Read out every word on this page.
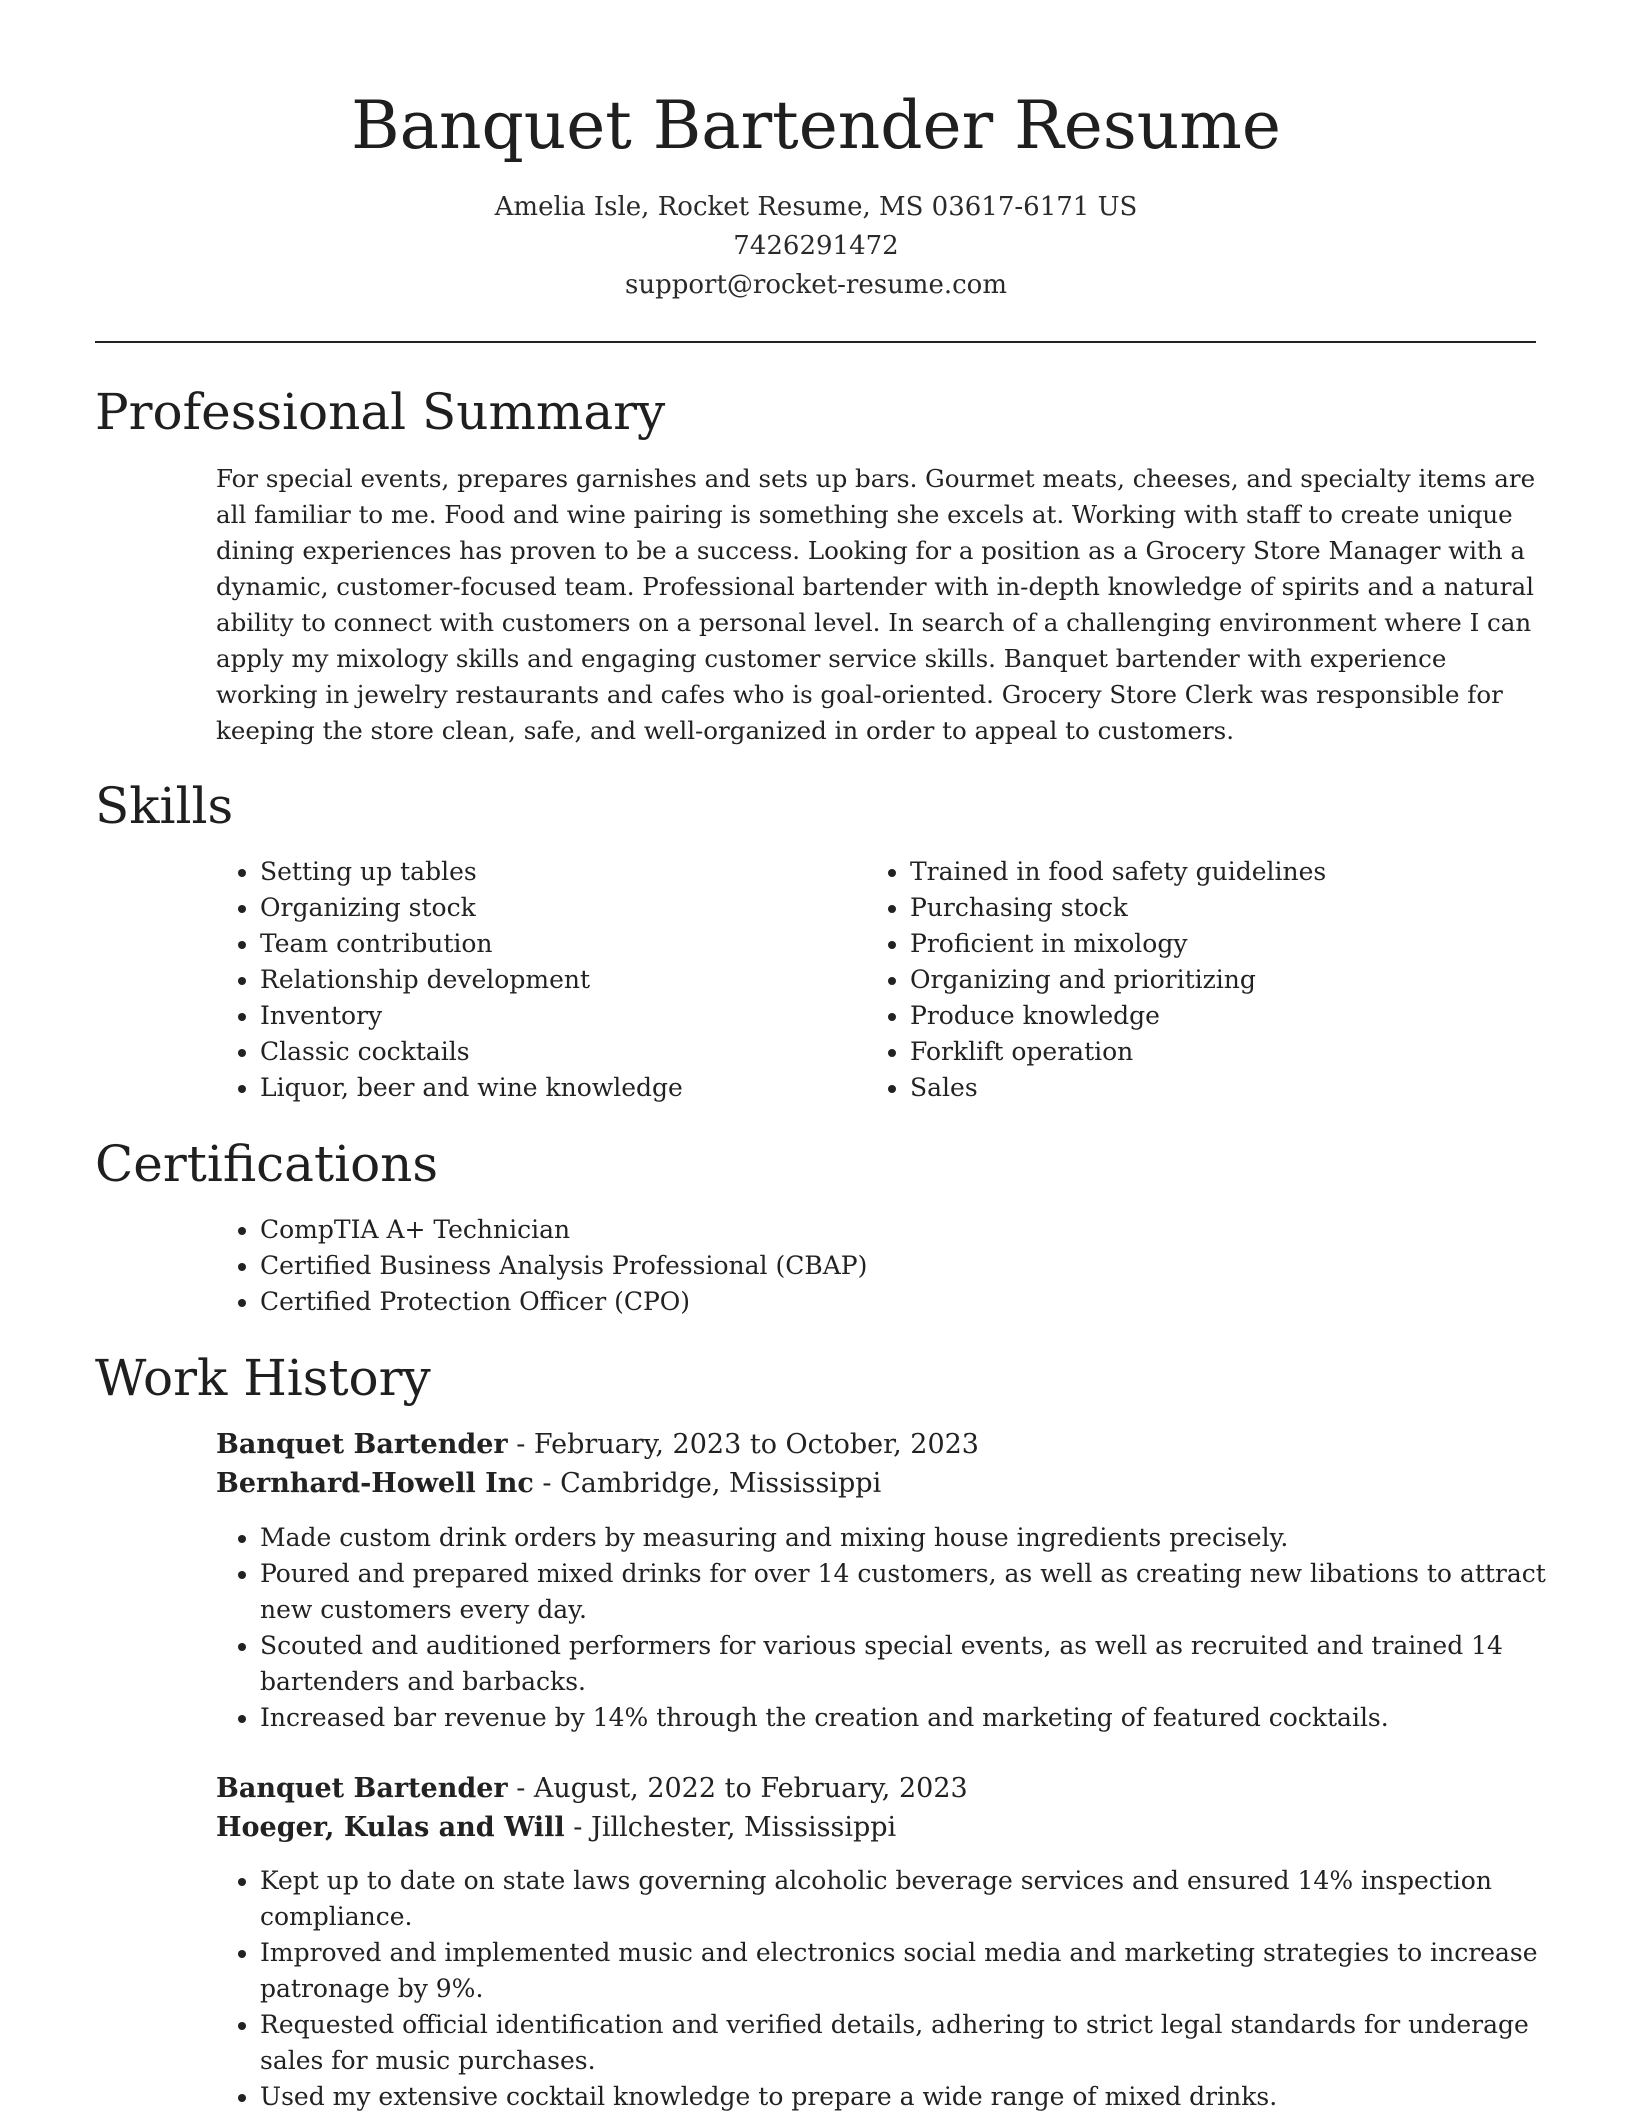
Banquet Bartender Resume
Amelia Isle, Rocket Resume, MS 03617-6171 US
7426291472
support@rocket-resume.com
Professional Summary

For special events, prepares garnishes and sets up bars. Gourmet meats, cheeses, and specialty items are all familiar to me. Food and wine pairing is something she excels at. Working with staff to create unique dining experiences has proven to be a success. Looking for a position as a Grocery Store Manager with a dynamic, customer-focused team. Professional bartender with in-depth knowledge of spirits and a natural ability to connect with customers on a personal level. In search of a challenging environment where I can apply my mixology skills and engaging customer service skills. Banquet bartender with experience working in jewelry restaurants and cafes who is goal-oriented. Grocery Store Clerk was responsible for keeping the store clean, safe, and well-organized in order to appeal to customers.

Skills
• Setting up tables
• Organizing stock
• Team contribution
• Relationship development
• Inventory
• Classic cocktails
• Liquor, beer and wine knowledge
• Trained in food safety guidelines
• Purchasing stock
• Proficient in mixology
• Organizing and prioritizing
• Produce knowledge
• Forklift operation
• Sales
Certifications
• CompTIA A+ Technician
• Certified Business Analysis Professional (CBAP)
• Certified Protection Officer (CPO)
Work History
Banquet Bartender - February, 2023 to October, 2023
Bernhard-Howell Inc - Cambridge, Mississippi
• Made custom drink orders by measuring and mixing house ingredients precisely.
• Poured and prepared mixed drinks for over 14 customers, as well as creating new libations to attract new customers every day.
• Scouted and auditioned performers for various special events, as well as recruited and trained 14 bartenders and barbacks.
• Increased bar revenue by 14% through the creation and marketing of featured cocktails.
Banquet Bartender - August, 2022 to February, 2023
Hoeger, Kulas and Will - Jillchester, Mississippi
• Kept up to date on state laws governing alcoholic beverage services and ensured 14% inspection compliance.
• Improved and implemented music and electronics social media and marketing strategies to increase patronage by 9%.
• Requested official identification and verified details, adhering to strict legal standards for underage sales for music purchases.
• Used my extensive cocktail knowledge to prepare a wide range of mixed drinks.
